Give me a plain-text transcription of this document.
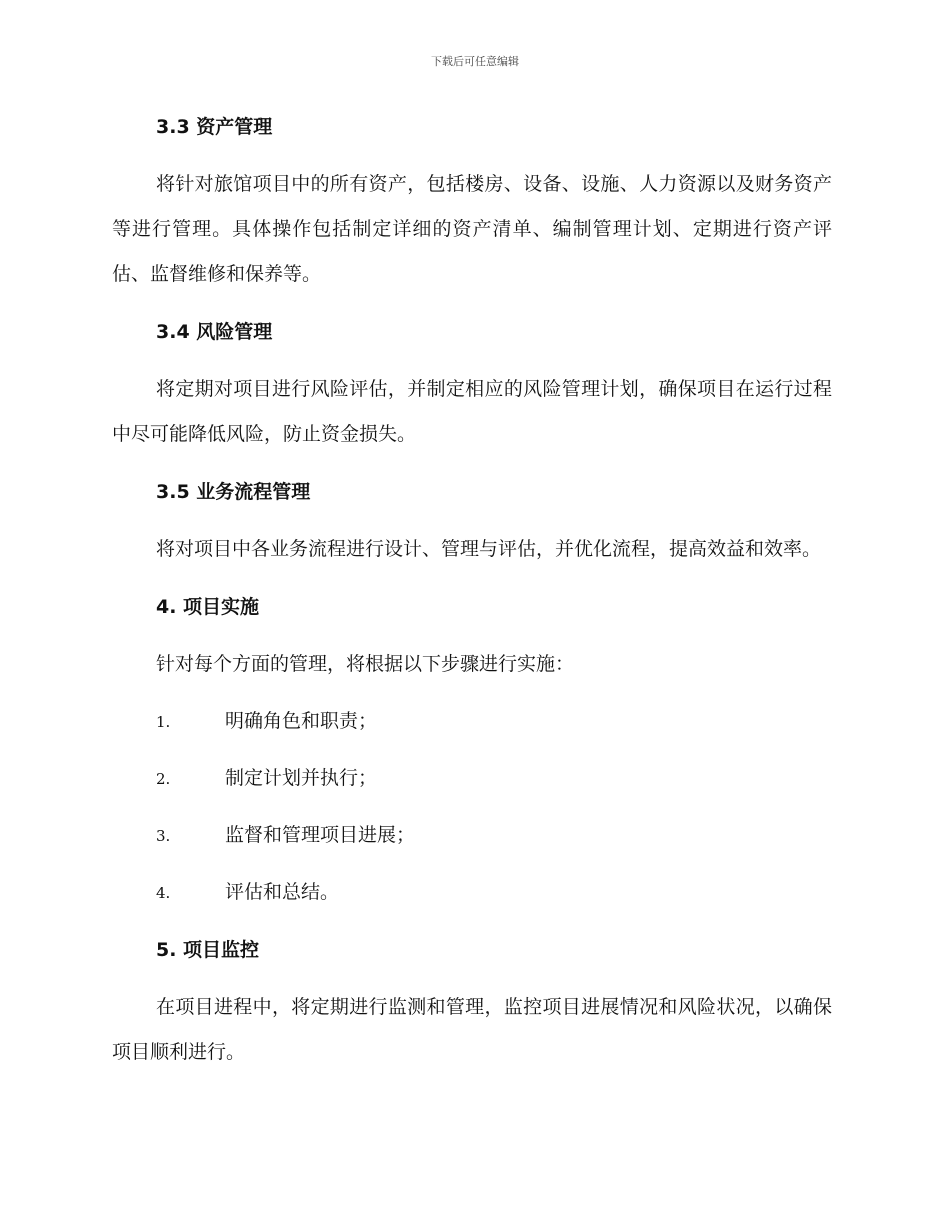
下载后可任意编辑
3.3 资产管理

将针对旅馆项目中的所有资产，包括楼房、设备、设施、人力资源以及财务资产等进行管理。具体操作包括制定详细的资产清单、编制管理计划、定期进行资产评估、监督维修和保养等。

3.4 风险管理

将定期对项目进行风险评估，并制定相应的风险管理计划，确保项目在运行过程中尽可能降低风险，防止资金损失。

3.5 业务流程管理

将对项目中各业务流程进行设计、管理与评估，并优化流程，提高效益和效率。

4. 项目实施

针对每个方面的管理，将根据以下步骤进行实施：

1.	明确角色和职责；
2.	制定计划并执行；
3.	监督和管理项目进展；
4.	评估和总结。
5. 项目监控

在项目进程中，将定期进行监测和管理，监控项目进展情况和风险状况，以确保项目顺利进行。
